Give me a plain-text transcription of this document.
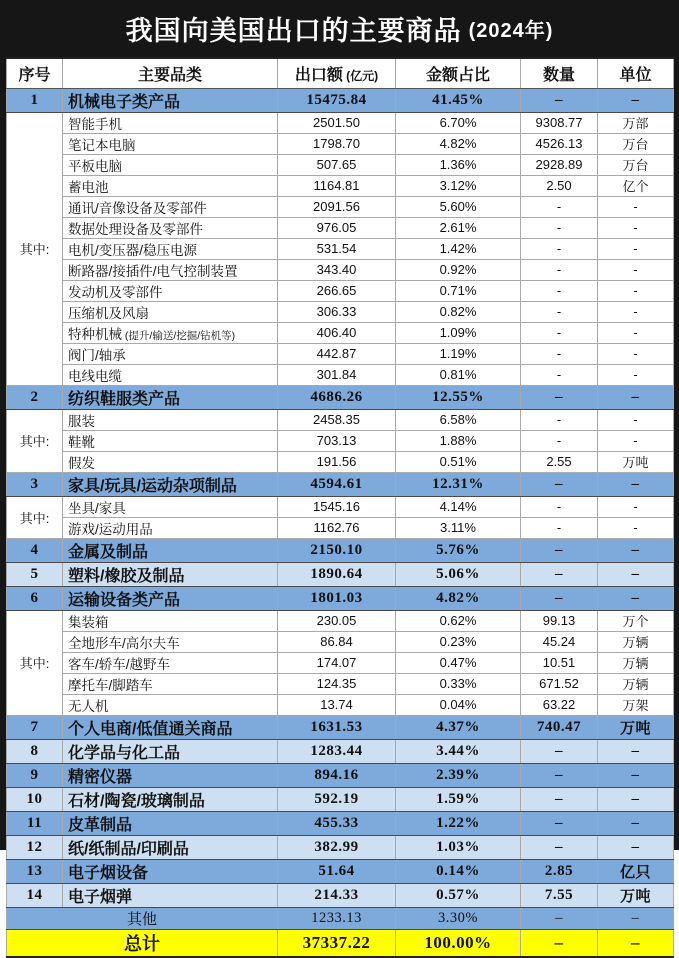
我国向美国出口的主要商品 (2024年)
序号	主要品类	出口额 (亿元)	金额占比	数量	单位
1	机械电子类产品	15475.84	41.45%	–	–
其中:	智能手机	2501.50	6.70%	9308.77	万部
	笔记本电脑	1798.70	4.82%	4526.13	万台
	平板电脑	507.65	1.36%	2928.89	万台
	蓄电池	1164.81	3.12%	2.50	亿个
	通讯/音像设备及零部件	2091.56	5.60%	-	-
	数据处理设备及零部件	976.05	2.61%	-	-
	电机/变压器/稳压电源	531.54	1.42%	-	-
	断路器/接插件/电气控制装置	343.40	0.92%	-	-
	发动机及零部件	266.65	0.71%	-	-
	压缩机及风扇	306.33	0.82%	-	-
	特种机械 (提升/输送/挖掘/钻机等)	406.40	1.09%	-	-
	阀门/轴承	442.87	1.19%	-	-
	电线电缆	301.84	0.81%	-	-
2	纺织鞋服类产品	4686.26	12.55%	–	–
其中:	服装	2458.35	6.58%	-	-
	鞋靴	703.13	1.88%	-	-
	假发	191.56	0.51%	2.55	万吨
3	家具/玩具/运动杂项制品	4594.61	12.31%	–	–
其中:	坐具/家具	1545.16	4.14%	-	-
	游戏/运动用品	1162.76	3.11%	-	-
4	金属及制品	2150.10	5.76%	–	–
5	塑料/橡胶及制品	1890.64	5.06%	–	–
6	运输设备类产品	1801.03	4.82%	–	–
其中:	集装箱	230.05	0.62%	99.13	万个
	全地形车/高尔夫车	86.84	0.23%	45.24	万辆
	客车/轿车/越野车	174.07	0.47%	10.51	万辆
	摩托车/脚踏车	124.35	0.33%	671.52	万辆
	无人机	13.74	0.04%	63.22	万架
7	个人电商/低值通关商品	1631.53	4.37%	740.47	万吨
8	化学品与化工品	1283.44	3.44%	–	–
9	精密仪器	894.16	2.39%	–	–
10	石材/陶瓷/玻璃制品	592.19	1.59%	–	–
11	皮革制品	455.33	1.22%	–	–
12	纸/纸制品/印刷品	382.99	1.03%	–	–
13	电子烟设备	51.64	0.14%	2.85	亿只
14	电子烟弹	214.33	0.57%	7.55	万吨
其他		1233.13	3.30%	–	–
总计		37337.22	100.00%	–	–
